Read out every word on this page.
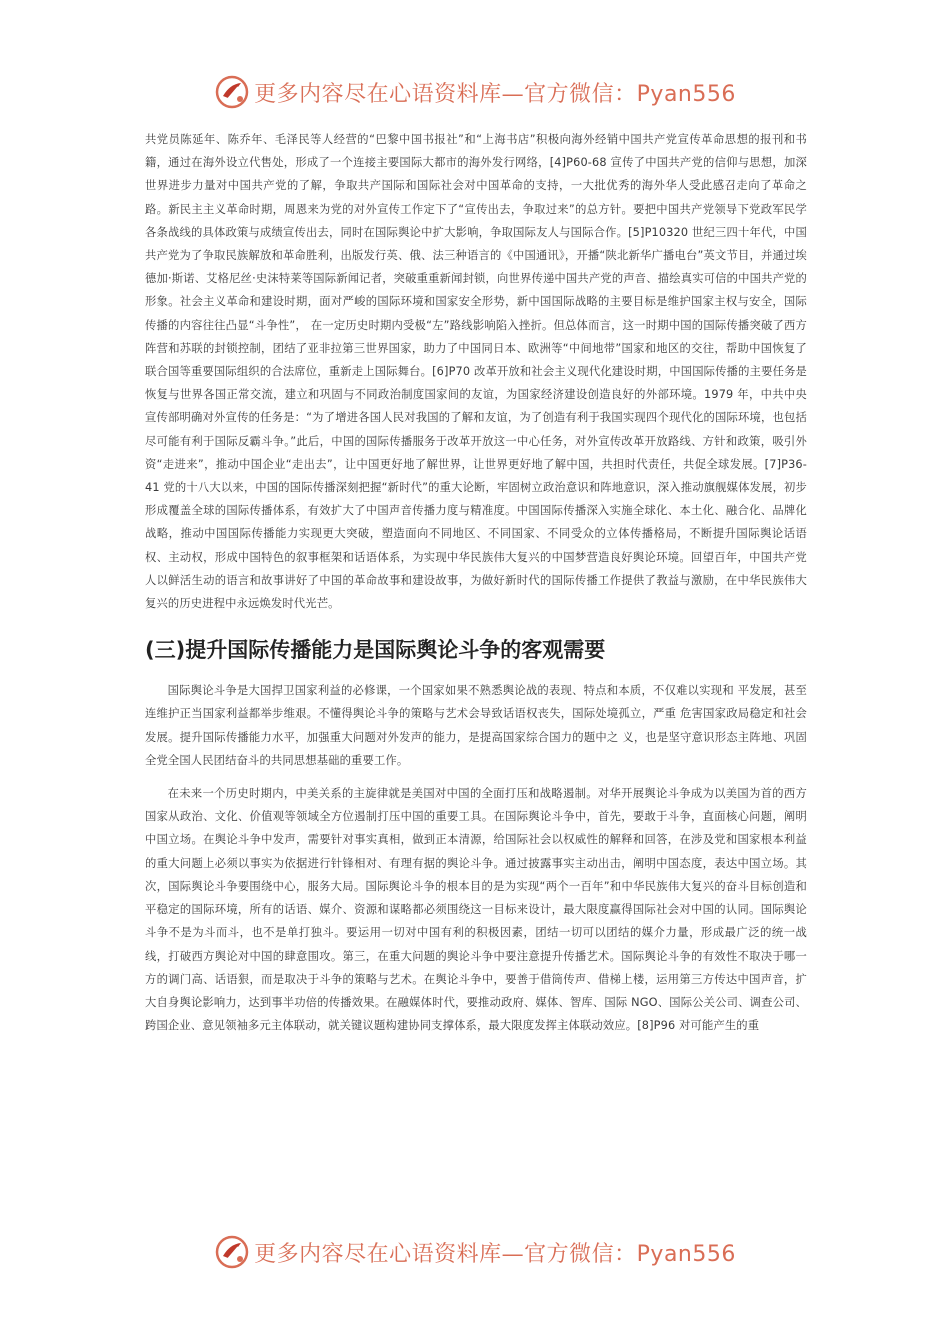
更多内容尽在心语资料库—官方微信：Pyan556

共党员陈延年、陈乔年、毛泽民等人经营的“巴黎中国书报社”和“上海书店”积极向海外经销中国共产党宣传革命思想的报刊和书籍，通过在海外设立代售处，形成了一个连接主要国际大都市的海外发行网络，[4]P60-68 宣传了中国共产党的信仰与思想，加深世界进步力量对中国共产党的了解，争取共产国际和国际社会对中国革命的支持，一大批优秀的海外华人受此感召走向了革命之路。新民主主义革命时期，周恩来为党的对外宣传工作定下了“宣传出去，争取过来”的总方针。要把中国共产党领导下党政军民学各条战线的具体政策与成绩宣传出去，同时在国际舆论中扩大影响，争取国际友人与国际合作。[5]P10320 世纪三四十年代，中国共产党为了争取民族解放和革命胜利，出版发行英、俄、法三种语言的《中国通讯》，开播“陕北新华广播电台”英文节目，并通过埃德加·斯诺、艾格尼丝·史沫特莱等国际新闻记者，突破重重新闻封锁，向世界传递中国共产党的声音、描绘真实可信的中国共产党的形象。社会主义革命和建设时期，面对严峻的国际环境和国家安全形势，新中国国际战略的主要目标是维护国家主权与安全，国际传播的内容往往凸显“斗争性”， 在一定历史时期内受极“左”路线影响陷入挫折。但总体而言，这一时期中国的国际传播突破了西方阵营和苏联的封锁控制，团结了亚非拉第三世界国家，助力了中国同日本、欧洲等“中间地带”国家和地区的交往，帮助中国恢复了联合国等重要国际组织的合法席位，重新走上国际舞台。[6]P70 改革开放和社会主义现代化建设时期，中国国际传播的主要任务是恢复与世界各国正常交流，建立和巩固与不同政治制度国家间的友谊，为国家经济建设创造良好的外部环境。1979 年，中共中央宣传部明确对外宣传的任务是：“为了增进各国人民对我国的了解和友谊，为了创造有利于我国实现四个现代化的国际环境，也包括尽可能有利于国际反霸斗争。”此后，中国的国际传播服务于改革开放这一中心任务，对外宣传改革开放路线、方针和政策，吸引外资“走进来”，推动中国企业“走出去”，让中国更好地了解世界，让世界更好地了解中国，共担时代责任，共促全球发展。[7]P36-41 党的十八大以来，中国的国际传播深刻把握“新时代”的重大论断，牢固树立政治意识和阵地意识，深入推动旗舰媒体发展，初步形成覆盖全球的国际传播体系，有效扩大了中国声音传播力度与精准度。中国国际传播深入实施全球化、本土化、融合化、品牌化战略，推动中国国际传播能力实现更大突破，塑造面向不同地区、不同国家、不同受众的立体传播格局，不断提升国际舆论话语权、主动权，形成中国特色的叙事框架和话语体系，为实现中华民族伟大复兴的中国梦营造良好舆论环境。回望百年，中国共产党人以鲜活生动的语言和故事讲好了中国的革命故事和建设故事，为做好新时代的国际传播工作提供了教益与激励，在中华民族伟大复兴的历史进程中永远焕发时代光芒。

(三)提升国际传播能力是国际舆论斗争的客观需要

国际舆论斗争是大国捍卫国家利益的必修课，一个国家如果不熟悉舆论战的表现、特点和本质，不仅难以实现和 平发展，甚至连维护正当国家利益都举步维艰。不懂得舆论斗争的策略与艺术会导致话语权丧失，国际处境孤立，严重 危害国家政局稳定和社会发展。提升国际传播能力水平，加强重大问题对外发声的能力，是提高国家综合国力的题中之 义，也是坚守意识形态主阵地、巩固全党全国人民团结奋斗的共同思想基础的重要工作。

在未来一个历史时期内，中美关系的主旋律就是美国对中国的全面打压和战略遏制。对华开展舆论斗争成为以美国为首的西方国家从政治、文化、价值观等领域全方位遏制打压中国的重要工具。在国际舆论斗争中，首先，要敢于斗争，直面核心问题，阐明中国立场。在舆论斗争中发声，需要针对事实真相，做到正本清源，给国际社会以权威性的解释和回答，在涉及党和国家根本利益的重大问题上必须以事实为依据进行针锋相对、有理有据的舆论斗争。通过披露事实主动出击，阐明中国态度，表达中国立场。其次，国际舆论斗争要围绕中心，服务大局。国际舆论斗争的根本目的是为实现“两个一百年”和中华民族伟大复兴的奋斗目标创造和平稳定的国际环境，所有的话语、媒介、资源和谋略都必须围绕这一目标来设计，最大限度赢得国际社会对中国的认同。国际舆论斗争不是为斗而斗，也不是单打独斗。要运用一切对中国有利的积极因素，团结一切可以团结的媒介力量，形成最广泛的统一战线，打破西方舆论对中国的肆意围攻。第三，在重大问题的舆论斗争中要注意提升传播艺术。国际舆论斗争的有效性不取决于哪一方的调门高、话语狠，而是取决于斗争的策略与艺术。在舆论斗争中，要善于借筒传声、借梯上楼，运用第三方传达中国声音，扩大自身舆论影响力，达到事半功倍的传播效果。在融媒体时代，要推动政府、媒体、智库、国际 NGO、国际公关公司、调查公司、跨国企业、意见领袖多元主体联动，就关键议题构建协同支撑体系，最大限度发挥主体联动效应。[8]P96 对可能产生的重

更多内容尽在心语资料库—官方微信：Pyan556
